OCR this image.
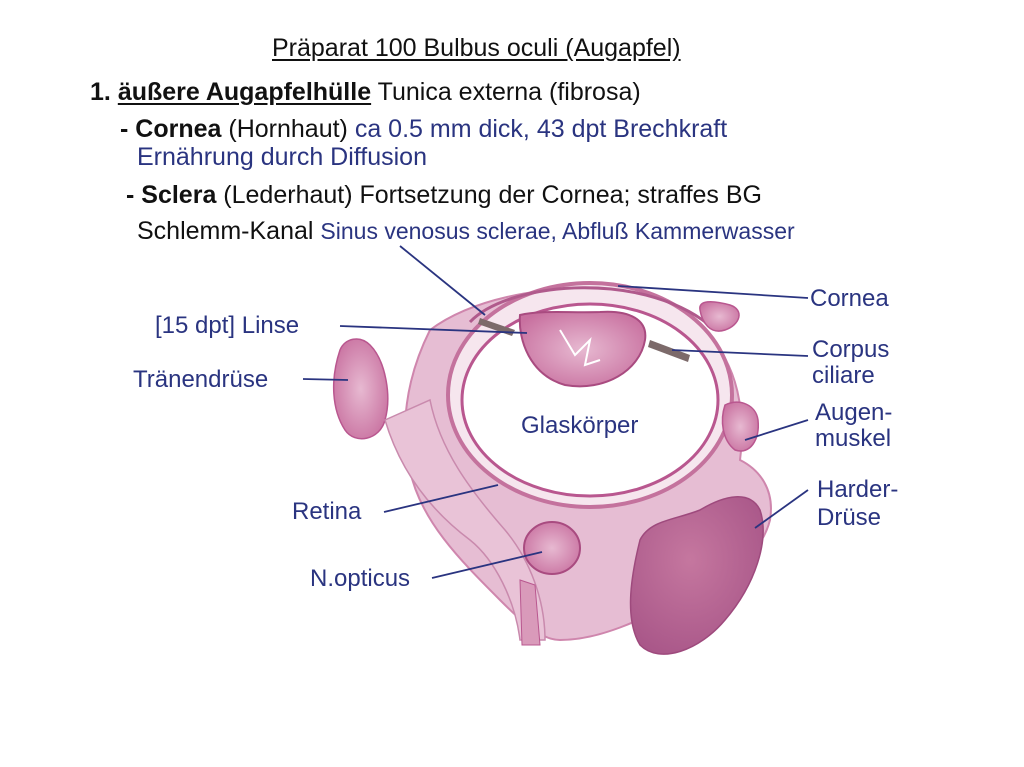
Präparat 100 Bulbus oculi (Augapfel)
1. äußere Augapfelhülle Tunica externa (fibrosa)
- Cornea (Hornhaut) ca 0.5 mm dick, 43 dpt Brechkraft
Ernährung durch Diffusion
- Sclera (Lederhaut) Fortsetzung der Cornea; straffes BG
Schlemm-Kanal Sinus venosus sclerae, Abfluß Kammerwasser
Cornea
[15 dpt] Linse
Corpus
ciliare
Tränendrüse
Glaskörper	Augen-
muskel
Harder-
Drüse
Retina
N.opticus
